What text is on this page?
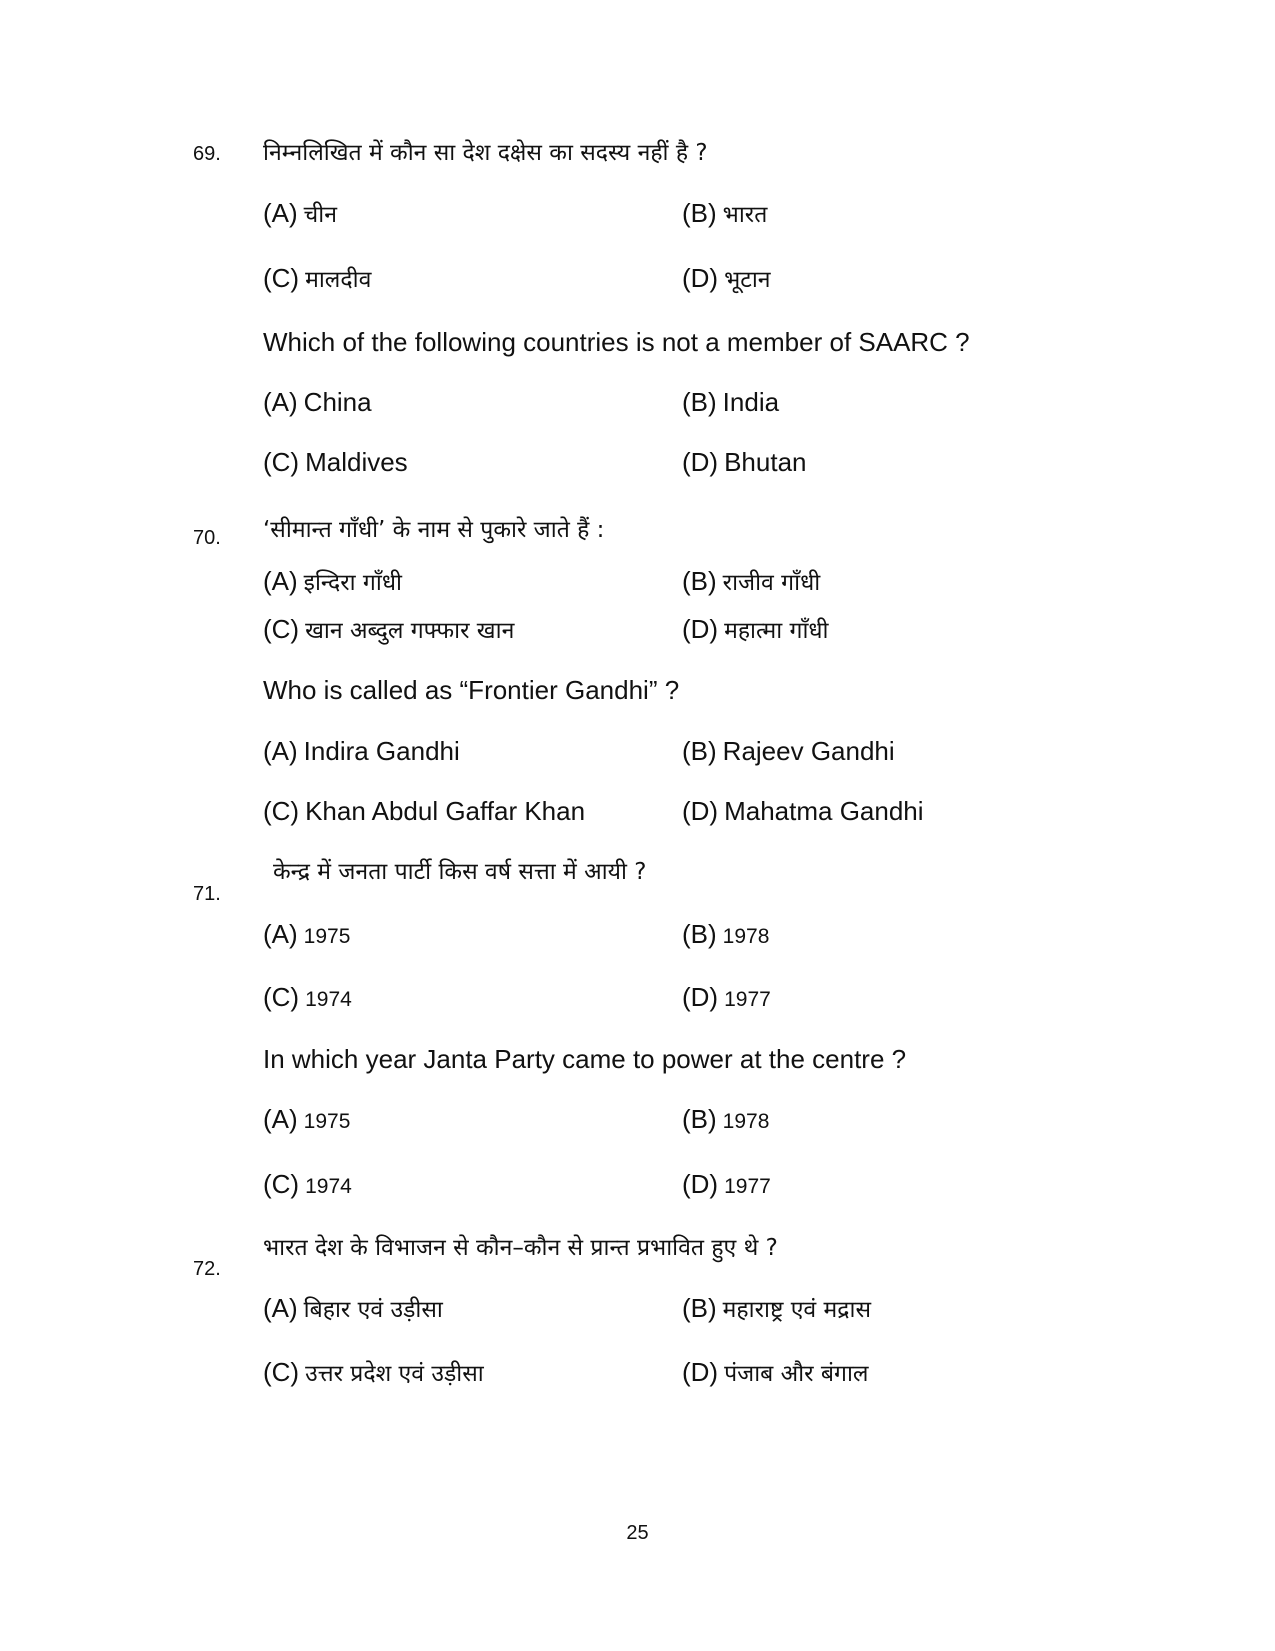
69. निम्नलिखित में कौन सा देश दक्षेस का सदस्य नहीं है ?
(A) चीन	(B) भारत
(C) मालदीव	(D) भूटान
Which of the following countries is not a member of SAARC ?
(A) China	(B) India
(C) Maldives	(D) Bhutan
70. ‘सीमान्त गाँधी’ के नाम से पुकारे जाते हैं :
(A) इन्दिरा गाँधी	(B) राजीव गाँधी
(C) खान अब्दुल गफ्फार खान	(D) महात्मा गाँधी
Who is called as “Frontier Gandhi” ?
(A) Indira Gandhi	(B) Rajeev Gandhi
(C) Khan Abdul Gaffar Khan	(D) Mahatma Gandhi
71.
केन्द्र में जनता पार्टी किस वर्ष सत्ता में आयी ?
(A) 1975	(B) 1978
(C) 1974	(D) 1977
In which year Janta Party came to power at the centre ?
(A) 1975	(B) 1978
(C) 1974	(D) 1977
72.
भारत देश के विभाजन से कौन–कौन से प्रान्त प्रभावित हुए थे ?
(A) बिहार एवं उड़ीसा	(B) महाराष्ट्र एवं मद्रास
(C) उत्तर प्रदेश एवं उड़ीसा	(D) पंजाब और बंगाल
25
